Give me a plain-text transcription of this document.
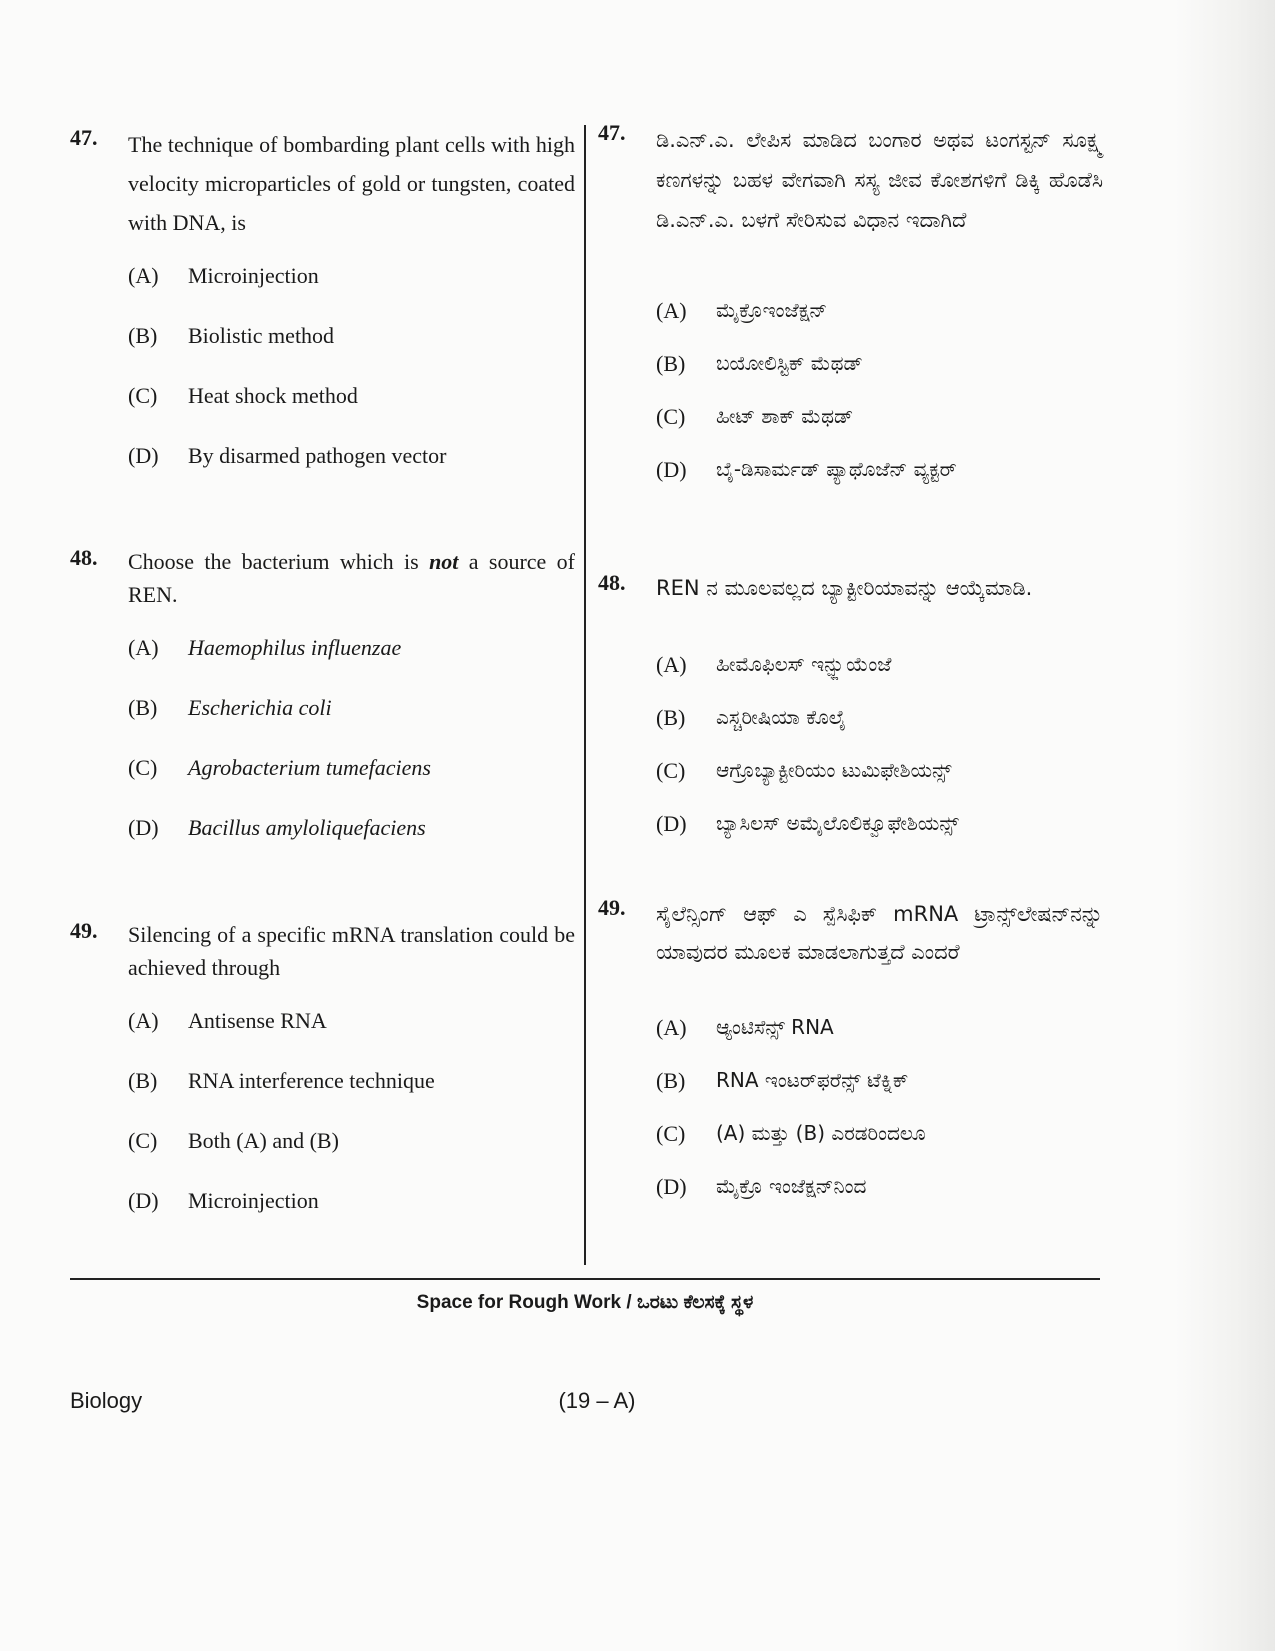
47. The technique of bombarding plant cells with high velocity microparticles of gold or tungsten, coated with DNA, is
(A) Microinjection
(B) Biolistic method
(C) Heat shock method
(D) By disarmed pathogen vector
48. Choose the bacterium which is not a source of REN.
(A) Haemophilus influenzae
(B) Escherichia coli
(C) Agrobacterium tumefaciens
(D) Bacillus amyloliquefaciens
49. Silencing of a specific mRNA translation could be achieved through
(A) Antisense RNA
(B) RNA interference technique
(C) Both (A) and (B)
(D) Microinjection
47. ಡಿ.ಎನ್.ಎ. ಲೇಪಿಸ ಮಾಡಿದ ಬಂಗಾರ ಅಥವ ಟಂಗಸ್ಟನ್ ಸೂಕ್ಷ್ಮ ಕಣಗಳನ್ನು ಬಹಳ ವೇಗವಾಗಿ ಸಸ್ಯ ಜೀವ ಕೋಶಗಳಿಗೆ ಡಿಕ್ಕಿ ಹೊಡೆಸಿ ಡಿ.ಎನ್.ಎ. ಬಳಗೆ ಸೇರಿಸುವ ವಿಧಾನ ಇದಾಗಿದೆ
(A) ಮೈಕ್ರೊಇಂಜೆಕ್ಷನ್
(B) ಬಯೋಲಿಸ್ಟಿಕ್ ಮೆಥಡ್
(C) ಹೀಟ್ ಶಾಕ್ ಮೆಥಡ್
(D) ಬೈ-ಡಿಸಾರ್ಮಡ್ ಪ್ಯಾಥೊಜೆನ್ ವ್ಯಕ್ಟರ್
48. REN ನ ಮೂಲವಲ್ಲದ ಬ್ಯಾಕ್ಟೀರಿಯಾವನ್ನು ಆಯ್ಕೆಮಾಡಿ.
(A) ಹೀಮೊಫಿಲಸ್ ಇನ್ಫ್ಲುಯೆಂಜೆ
(B) ಎಸ್ಚರೀಷಿಯಾ ಕೊಲೈ
(C) ಆಗ್ರೊಬ್ಯಾಕ್ಟೀರಿಯಂ ಟುಮಿಫೇಶಿಯನ್ಸ್
(D) ಬ್ಯಾಸಿಲಸ್ ಅಮೈಲೊಲಿಕ್ವೂಫೇಶಿಯನ್ಸ್
49. ಸೈಲೆನ್ಸಿಂಗ್ ಆಫ್ ಎ ಸ್ಪೆಸಿಫಿಕ್ mRNA ಟ್ರಾನ್ಸ್‌ಲೇಷನ್‌ನನ್ನು ಯಾವುದರ ಮೂಲಕ ಮಾಡಲಾಗುತ್ತದೆ ಎಂದರೆ
(A) ಆ್ಯಂಟಿಸೆನ್ಸ್ RNA
(B) RNA ಇಂಟರ್‌ಫರೆನ್ಸ್ ಟೆಕ್ನಿಕ್
(C) (A) ಮತ್ತು (B) ಎರಡರಿಂದಲೂ
(D) ಮೈಕ್ರೊ ಇಂಜೆಕ್ಷನ್‌ನಿಂದ
Space for Rough Work / ಒರಟು ಕೆಲಸಕ್ಕೆ ಸ್ಥಳ
Biology	(19 – A)
